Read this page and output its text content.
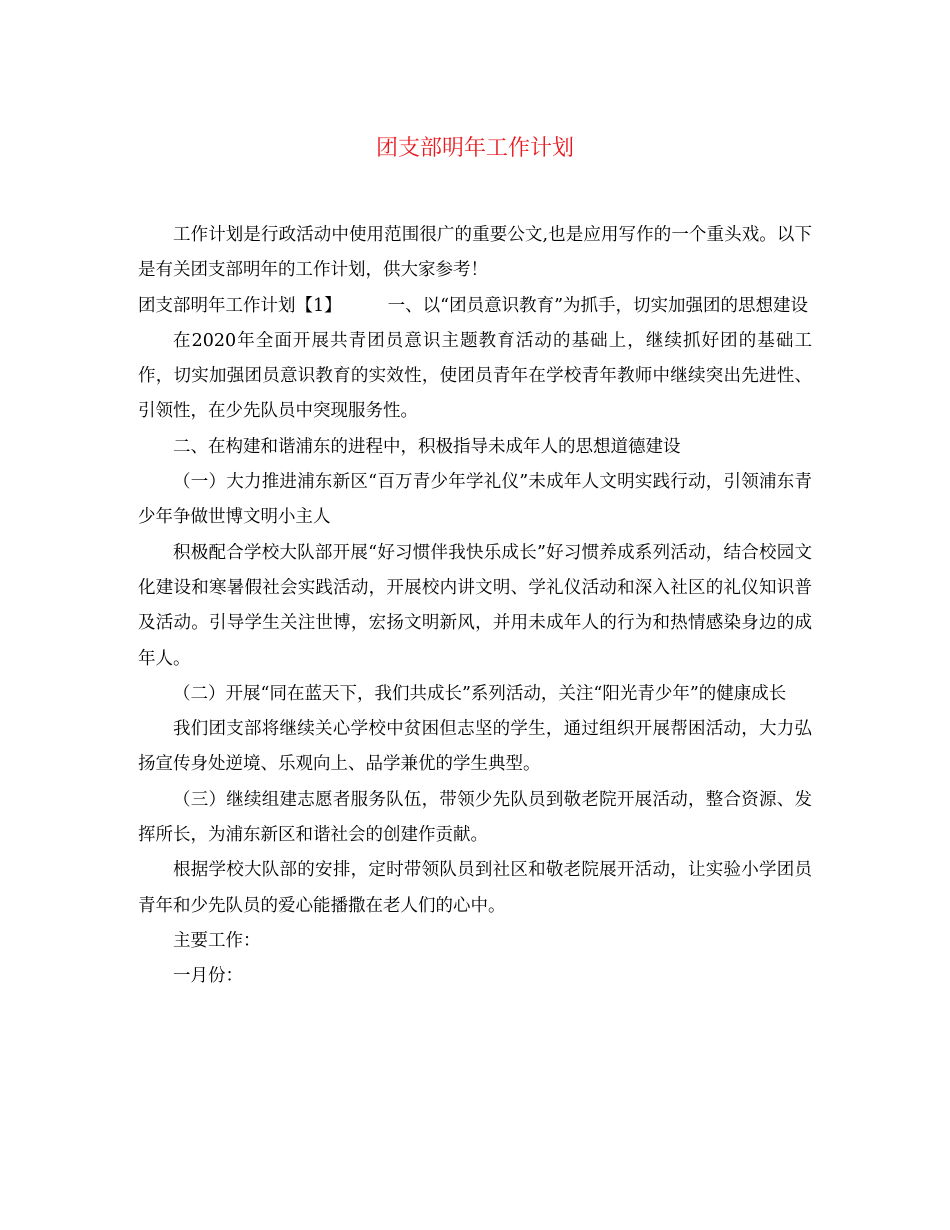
团支部明年工作计划

工作计划是行政活动中使用范围很广的重要公文,也是应用写作的一个重头戏。以下是有关团支部明年的工作计划，供大家参考！

团支部明年工作计划【1】	一、以“团员意识教育”为抓手，切实加强团的思想建设

在2020年全面开展共青团员意识主题教育活动的基础上，继续抓好团的基础工作，切实加强团员意识教育的实效性，使团员青年在学校青年教师中继续突出先进性、引领性，在少先队员中突现服务性。

二、在构建和谐浦东的进程中，积极指导未成年人的思想道德建设

（一）大力推进浦东新区“百万青少年学礼仪”未成年人文明实践行动，引领浦东青少年争做世博文明小主人

积极配合学校大队部开展“好习惯伴我快乐成长”好习惯养成系列活动，结合校园文化建设和寒暑假社会实践活动，开展校内讲文明、学礼仪活动和深入社区的礼仪知识普及活动。引导学生关注世博，宏扬文明新风，并用未成年人的行为和热情感染身边的成年人。

（二）开展“同在蓝天下，我们共成长”系列活动，关注“阳光青少年”的健康成长

我们团支部将继续关心学校中贫困但志坚的学生，通过组织开展帮困活动，大力弘扬宣传身处逆境、乐观向上、品学兼优的学生典型。

（三）继续组建志愿者服务队伍，带领少先队员到敬老院开展活动，整合资源、发挥所长，为浦东新区和谐社会的创建作贡献。

根据学校大队部的安排，定时带领队员到社区和敬老院展开活动，让实验小学团员青年和少先队员的爱心能播撒在老人们的心中。

主要工作：

一月份：
